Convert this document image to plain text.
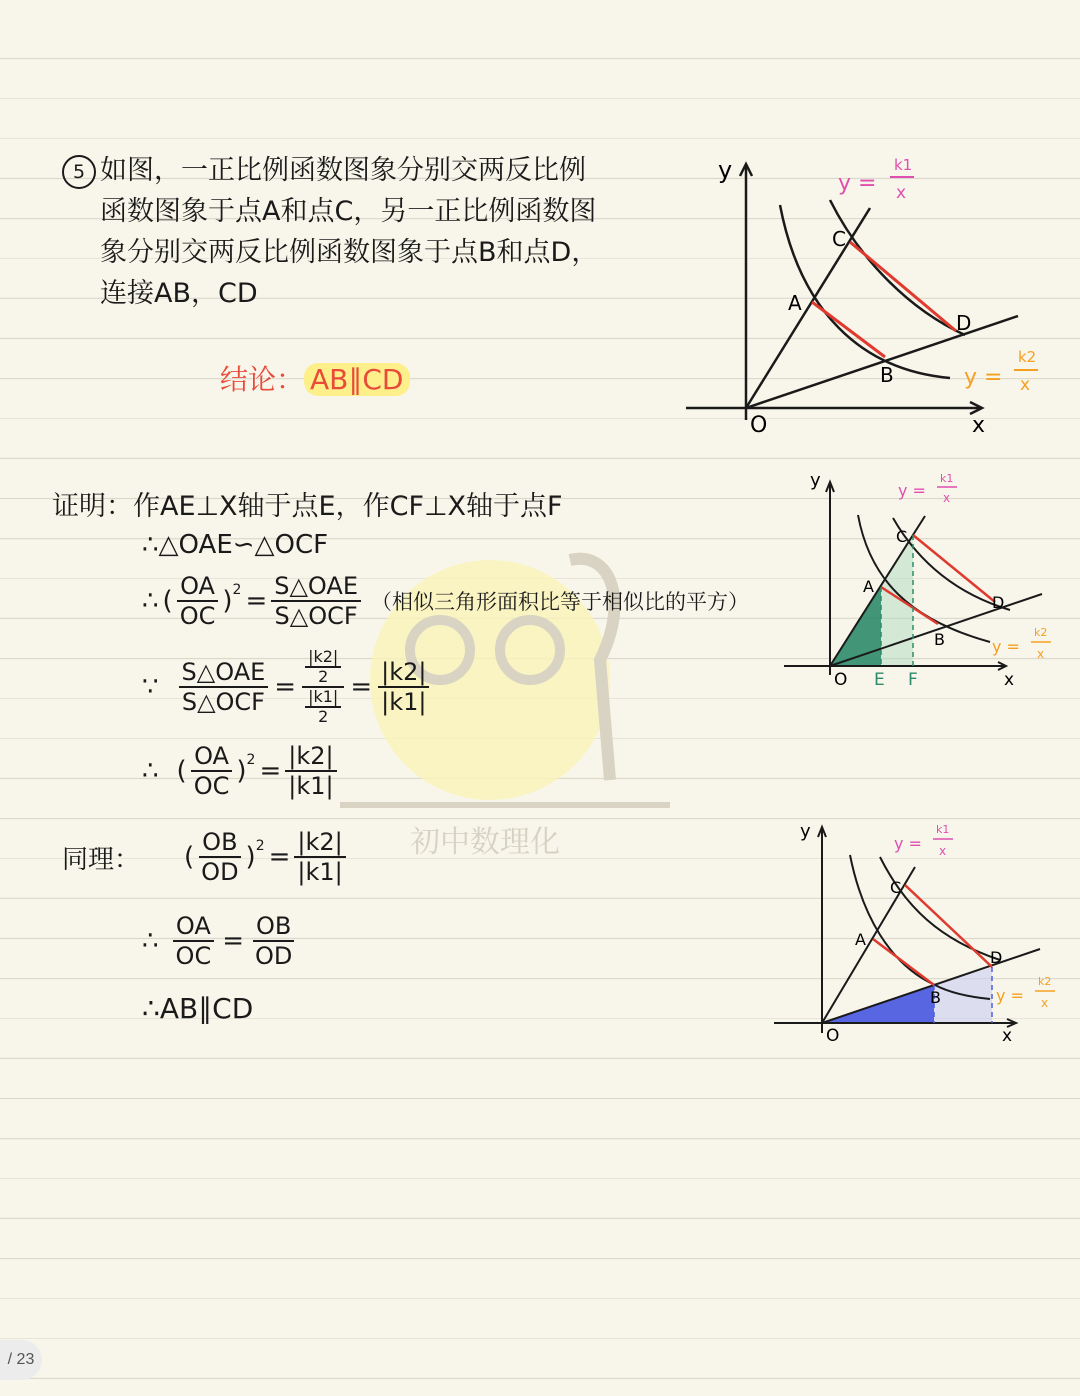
初中数理化
5 如图，一正比例函数图象分别交两反比例
函数图象于点A和点C，另一正比例函数图
象分别交两反比例函数图象于点B和点D，
连接AB，CD
结论： AB∥CD
证明：作AE⊥X轴于点E，作CF⊥X轴于点F
∴△OAE∽△OCF
∴ ( $\frac{OA}{OC} )^2 = \frac{\text{S△OAE}}{\text{S△OCF}}$ （相似三角形面积比等于相似比的平方）
∵ $\frac{\text{S△OAE}}{\text{S△OCF}} = \frac{\frac{|k2|}{2}}{\frac{|k1|}{2}} = \frac{|k2|}{|k1|}$
∴ ( $\frac{OA}{OC} )^2 = \frac{|k2|}{|k1|}$
同理： ( $\frac{OB}{OD} )^2 = \frac{|k2|}{|k1|}$
∴ $\frac{OA}{OC} = \frac{OB}{OD}$
∴AB∥CD
y
x
O
A
B
C
D
y =
k1
x
y =
k2
x
y
x
O
A
B
C
D
E F
y =
k1
x
y =
k2
x
y
x
O
A
B
C
D
y =
k1
x
y =
k2
x
/ 23
